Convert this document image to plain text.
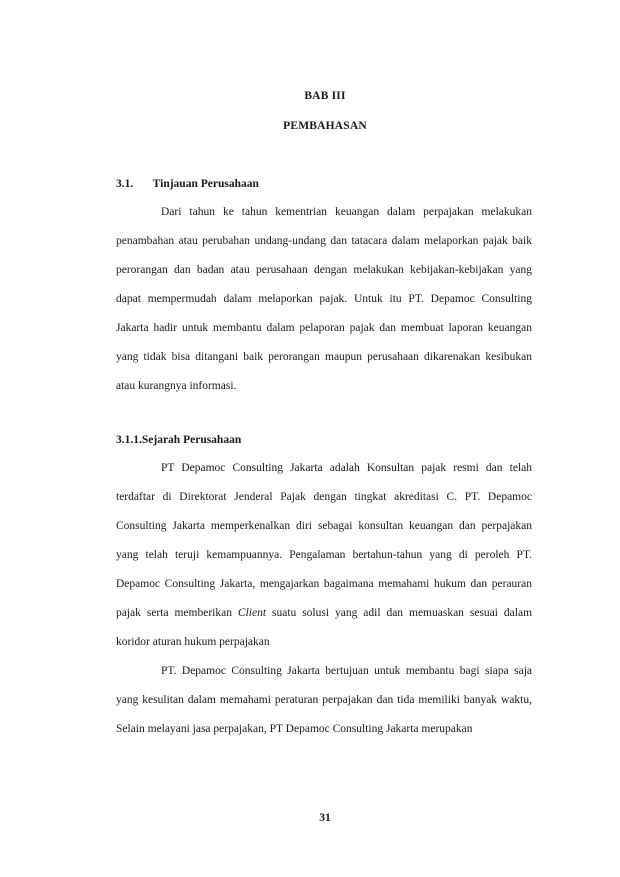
BAB III
PEMBAHASAN
3.1. Tinjauan Perusahaan

Dari tahun ke tahun kementrian keuangan dalam perpajakan melakukan penambahan atau perubahan undang-undang dan tatacara dalam melaporkan pajak baik perorangan dan badan atau perusahaan dengan melakukan kebijakan-kebijakan yang dapat mempermudah dalam melaporkan pajak. Untuk itu PT. Depamoc Consulting Jakarta hadir untuk membantu dalam pelaporan pajak dan membuat laporan keuangan yang tidak bisa ditangani baik perorangan maupun perusahaan dikarenakan kesibukan atau kurangnya informasi.

3.1.1.Sejarah Perusahaan

PT Depamoc Consulting Jakarta adalah Konsultan pajak resmi dan telah terdaftar di Direktorat Jenderal Pajak dengan tingkat akreditasi C. PT. Depamoc Consulting Jakarta memperkenalkan diri sebagai konsultan keuangan dan perpajakan yang telah teruji kemampuannya. Pengalaman bertahun-tahun yang di peroleh PT. Depamoc Consulting Jakarta, mengajarkan bagaimana memahami hukum dan perauran pajak serta memberikan Client suatu solusi yang adil dan memuaskan sesuai dalam koridor aturan hukum perpajakan

PT. Depamoc Consulting Jakarta bertujuan untuk membantu bagi siapa saja yang kesulitan dalam memahami peraturan perpajakan dan tida memiliki banyak waktu, Selain melayani jasa perpajakan, PT Depamoc Consulting Jakarta merupakan

31
